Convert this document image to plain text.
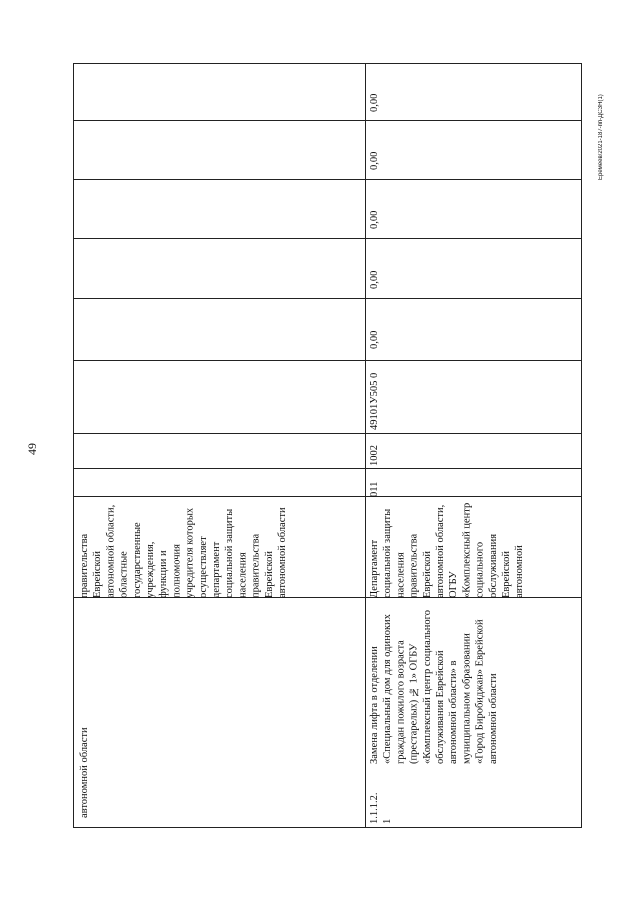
49
Еремеев/2021-187-пп-ДСЗН(1)
автономной области
правительства Еврейской автономной области, областные государственные учреждения, функции и полномочия учредителя которых осуществляет департамент социальной защиты населения правительства Еврейской автономной области
1.1.1.2.
1
Замена лифта в отделении «Специальный дом для одиноких граждан пожилого возраста (престарелых) № 1» ОГБУ «Комплексный центр социального обслуживания Еврейской автономной области» в муниципальном образовании «Город Биробиджан» Еврейской автономной области
Департамент социальной защиты населения правительства Еврейской автономной области, ОГБУ «Комплексный центр социального обслуживания Еврейской автономной
011
1002
49101У505 0
0,00
0,00
0,00
0,00
0,00
